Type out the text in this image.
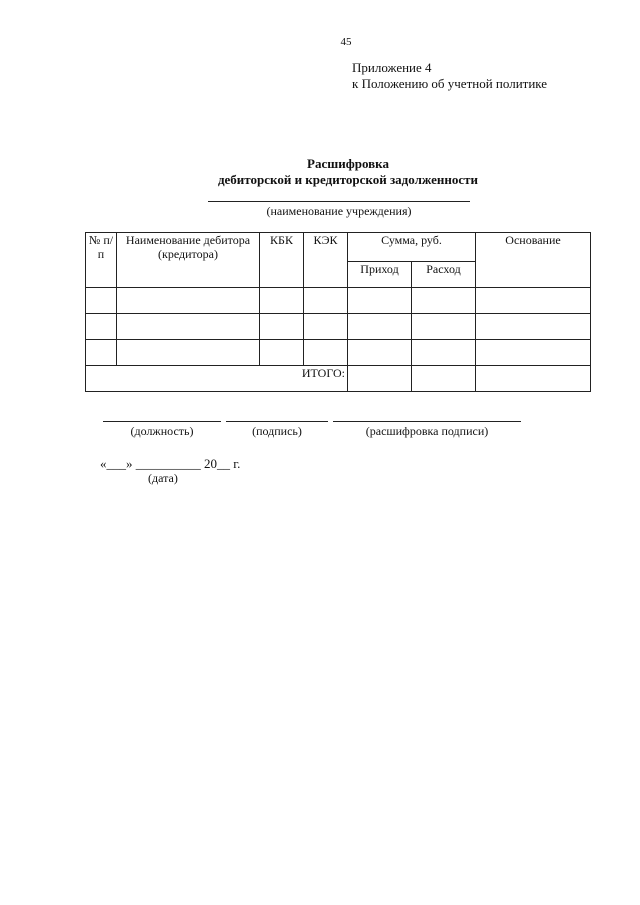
45
Приложение 4
к Положению об учетной политике
Расшифровка
дебиторской и кредиторской задолженности
(наименование учреждения)
№ п/п	Наименование дебитора (кредитора)	КБК	КЭК	Сумма, руб.		Основание
				Приход	Расход	

ИТОГО:						
(должность)	(подпись)	(расшифровка подписи)
«___» __________ 20__ г.
(дата)
